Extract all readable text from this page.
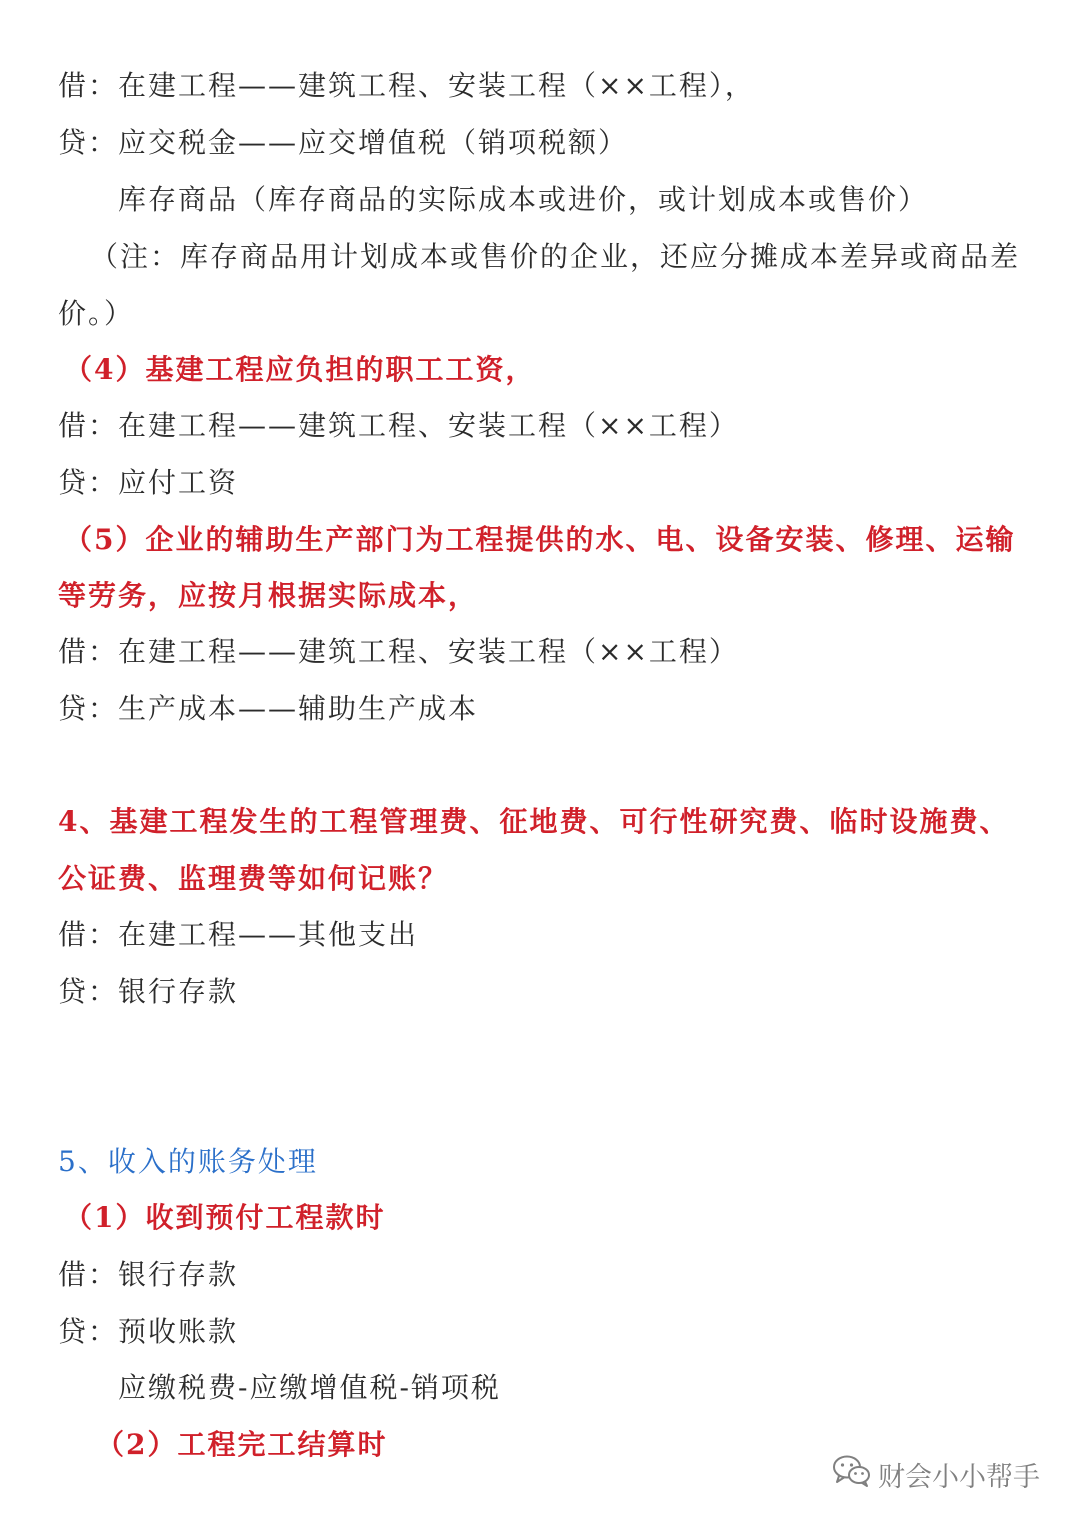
借：在建工程——建筑工程、安装工程（××工程），
贷：应交税金——应交增值税（销项税额）
库存商品（库存商品的实际成本或进价，或计划成本或售价）
（注：库存商品用计划成本或售价的企业，还应分摊成本差异或商品差
价。）
（4）基建工程应负担的职工工资，
借：在建工程——建筑工程、安装工程（××工程）
贷：应付工资
（5）企业的辅助生产部门为工程提供的水、电、设备安装、修理、运输
等劳务，应按月根据实际成本，
借：在建工程——建筑工程、安装工程（××工程）
贷：生产成本——辅助生产成本
4、基建工程发生的工程管理费、征地费、可行性研究费、临时设施费、
公证费、监理费等如何记账？
借：在建工程——其他支出
贷：银行存款
5、收入的账务处理
（1）收到预付工程款时
借：银行存款
贷：预收账款
应缴税费-应缴增值税-销项税
（2）工程完工结算时
财会小小帮手
